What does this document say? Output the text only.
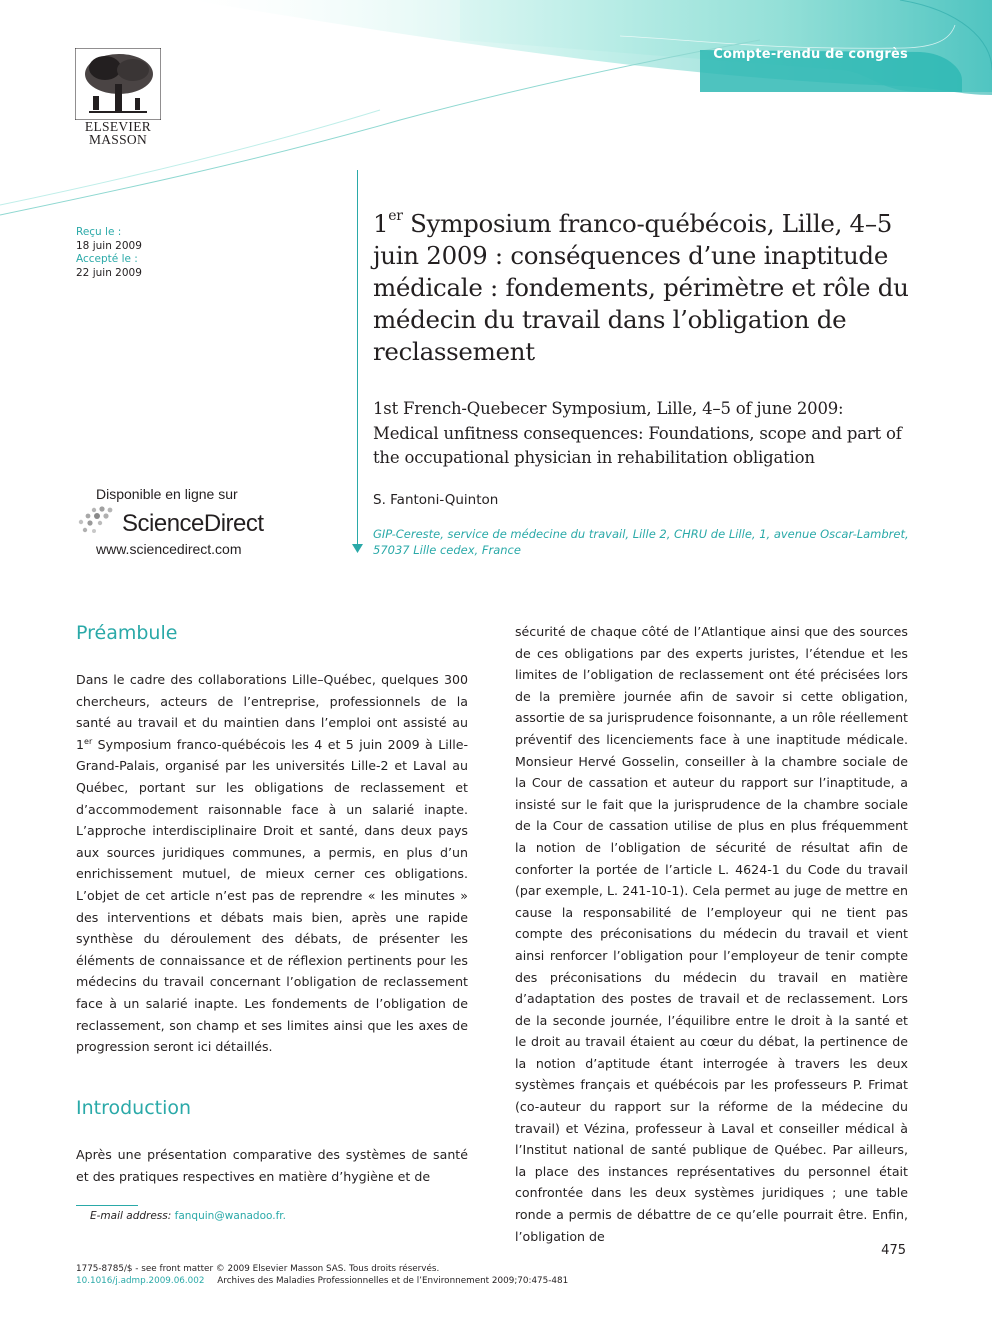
Compte-rendu de congrès
ELSEVIER
MASSON
Reçu le :
18 juin 2009
Accepté le :
22 juin 2009
Disponible en ligne sur
ScienceDirect
www.sciencedirect.com
1er Symposium franco-québécois, Lille, 4–5 juin 2009 : conséquences d’une inaptitude médicale : fondements, périmètre et rôle du médecin du travail dans l’obligation de reclassement
1st French-Quebecer Symposium, Lille, 4–5 of june 2009: Medical unfitness consequences: Foundations, scope and part of the occupational physician in rehabilitation obligation
S. Fantoni-Quinton
GIP-Cereste, service de médecine du travail, Lille 2, CHRU de Lille, 1, avenue Oscar-Lambret, 57037 Lille cedex, France
Préambule

Dans le cadre des collaborations Lille–Québec, quelques 300 chercheurs, acteurs de l’entreprise, professionnels de la santé au travail et du maintien dans l’emploi ont assisté au 1er Symposium franco-québécois les 4 et 5 juin 2009 à Lille-Grand-Palais, organisé par les universités Lille-2 et Laval au Québec, portant sur les obligations de reclassement et d’accommodement raisonnable face à un salarié inapte. L’approche interdisciplinaire Droit et santé, dans deux pays aux sources juridiques communes, a permis, en plus d’un enrichissement mutuel, de mieux cerner ces obligations. L’objet de cet article n’est pas de reprendre « les minutes » des interventions et débats mais bien, après une rapide synthèse du déroulement des débats, de présenter les éléments de connaissance et de réflexion pertinents pour les médecins du travail concernant l’obligation de reclassement face à un salarié inapte. Les fondements de l’obligation de reclassement, son champ et ses limites ainsi que les axes de progression seront ici détaillés.

Introduction

Après une présentation comparative des systèmes de santé et des pratiques respectives en matière d’hygiène et de

sécurité de chaque côté de l’Atlantique ainsi que des sources de ces obligations par des experts juristes, l’étendue et les limites de l’obligation de reclassement ont été précisées lors de la première journée afin de savoir si cette obligation, assortie de sa jurisprudence foisonnante, a un rôle réellement préventif des licenciements face à une inaptitude médicale. Monsieur Hervé Gosselin, conseiller à la chambre sociale de la Cour de cassation et auteur du rapport sur l’inaptitude, a insisté sur le fait que la jurisprudence de la chambre sociale de la Cour de cassation utilise de plus en plus fréquemment la notion de l’obligation de sécurité de résultat afin de conforter la portée de l’article L. 4624-1 du Code du travail (par exemple, L. 241-10-1). Cela permet au juge de mettre en cause la responsabilité de l’employeur qui ne tient pas compte des préconisations du médecin du travail et vient ainsi renforcer l’obligation pour l’employeur de tenir compte des préconisations du médecin du travail en matière d’adaptation des postes de travail et de reclassement. Lors de la seconde journée, l’équilibre entre le droit à la santé et le droit au travail étaient au cœur du débat, la pertinence de la notion d’aptitude étant interrogée à travers les deux systèmes français et québécois par les professeurs P. Frimat (co-auteur du rapport sur la réforme de la médecine du travail) et Vézina, professeur à Laval et conseiller médical à l’Institut national de santé publique de Québec. Par ailleurs, la place des instances représentatives du personnel était confrontée dans les deux systèmes juridiques ; une table ronde a permis de débattre de ce qu’elle pourrait être. Enfin, l’obligation de

E-mail address: fanquin@wanadoo.fr.
475
1775-8785/$ - see front matter © 2009 Elsevier Masson SAS. Tous droits réservés.
10.1016/j.admp.2009.06.002 Archives des Maladies Professionnelles et de l’Environnement 2009;70:475-481
